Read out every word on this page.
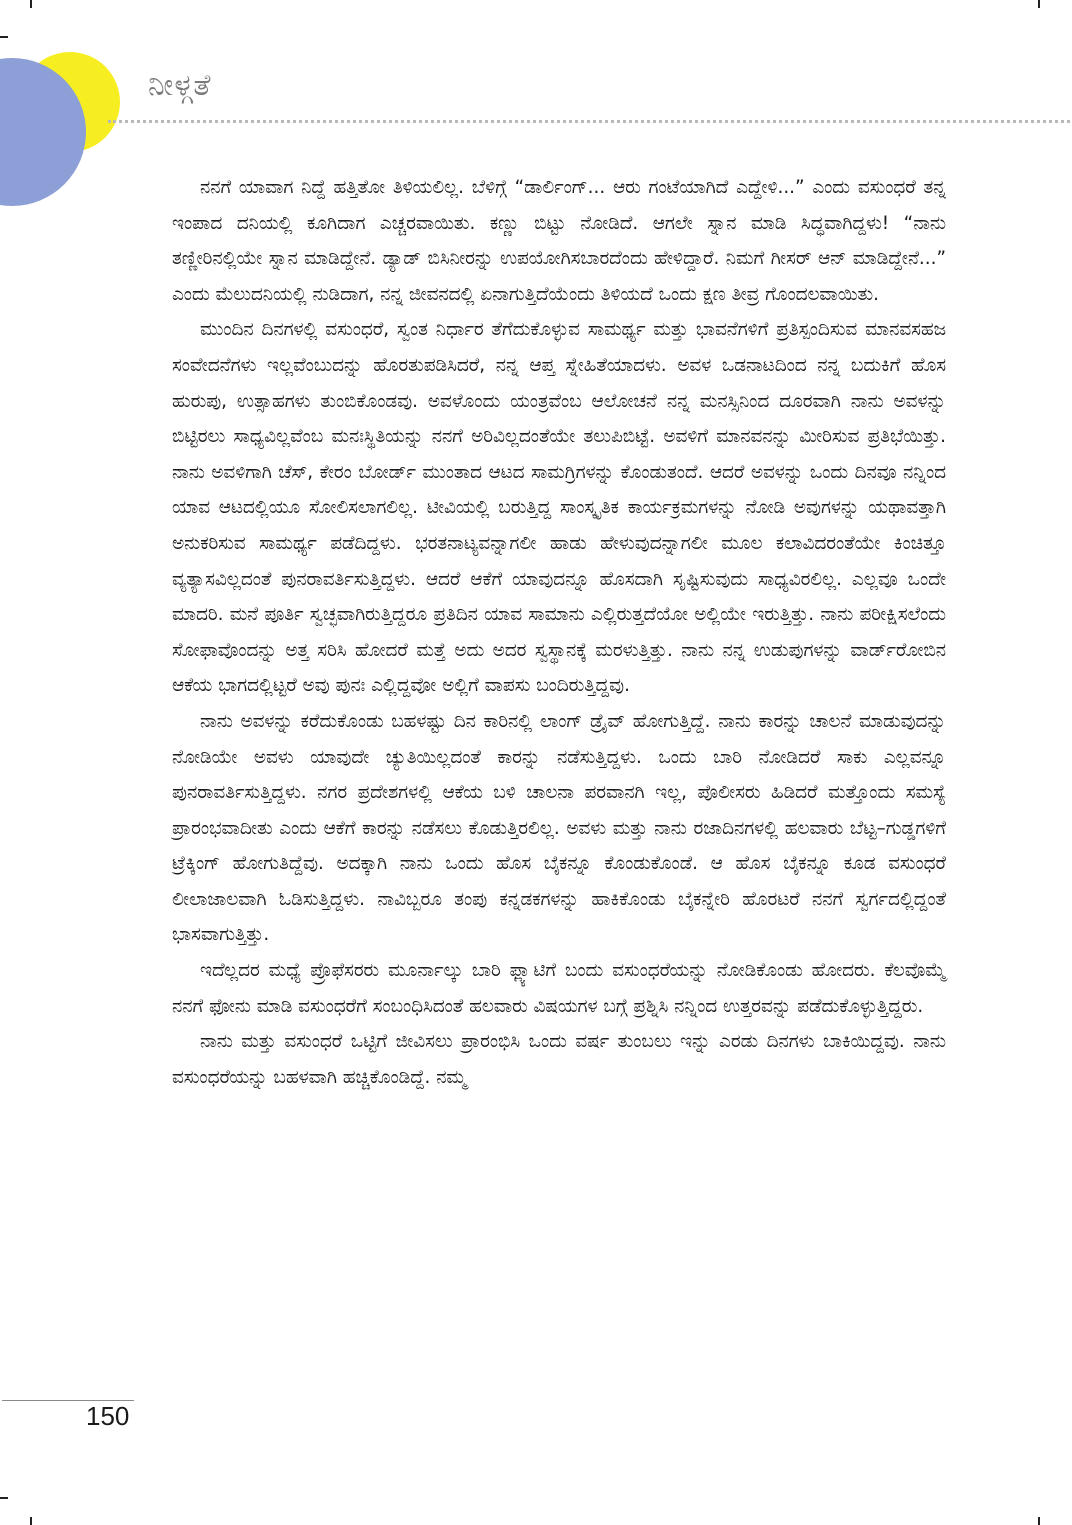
ನೀಳ್ಗತೆ

ನನಗೆ ಯಾವಾಗ ನಿದ್ದೆ ಹತ್ತಿತೋ ತಿಳಿಯಲಿಲ್ಲ. ಬೆಳಿಗ್ಗೆ “ಡಾರ್ಲಿಂಗ್... ಆರು ಗಂಟೆಯಾಗಿದೆ ಎದ್ದೇಳಿ...” ಎಂದು ವಸುಂಧರೆ ತನ್ನ ಇಂಪಾದ ದನಿಯಲ್ಲಿ ಕೂಗಿದಾಗ ಎಚ್ಚರವಾಯಿತು. ಕಣ್ಣು ಬಿಟ್ಟು ನೋಡಿದೆ. ಆಗಲೇ ಸ್ನಾನ ಮಾಡಿ ಸಿದ್ಧವಾಗಿದ್ದಳು! “ನಾನು ತಣ್ಣೀರಿನಲ್ಲಿಯೇ ಸ್ನಾನ ಮಾಡಿದ್ದೇನೆ. ಡ್ಯಾಡ್ ಬಿಸಿನೀರನ್ನು ಉಪಯೋಗಿಸಬಾರದೆಂದು ಹೇಳಿದ್ದಾರೆ. ನಿಮಗೆ ಗೀಸರ್ ಆನ್ ಮಾಡಿದ್ದೇನೆ...” ಎಂದು ಮೆಲುದನಿಯಲ್ಲಿ ನುಡಿದಾಗ, ನನ್ನ ಜೀವನದಲ್ಲಿ ಏನಾಗುತ್ತಿದೆಯೆಂದು ತಿಳಿಯದೆ ಒಂದು ಕ್ಷಣ ತೀವ್ರ ಗೊಂದಲವಾಯಿತು.

ಮುಂದಿನ ದಿನಗಳಲ್ಲಿ ವಸುಂಧರೆ, ಸ್ವಂತ ನಿರ್ಧಾರ ತೆಗೆದುಕೊಳ್ಳುವ ಸಾಮರ್ಥ್ಯ ಮತ್ತು ಭಾವನೆಗಳಿಗೆ ಪ್ರತಿಸ್ಪಂದಿಸುವ ಮಾನವಸಹಜ ಸಂವೇದನೆಗಳು ಇಲ್ಲವೆಂಬುದನ್ನು ಹೊರತುಪಡಿಸಿದರೆ, ನನ್ನ ಆಪ್ತ ಸ್ನೇಹಿತೆಯಾದಳು. ಅವಳ ಒಡನಾಟದಿಂದ ನನ್ನ ಬದುಕಿಗೆ ಹೊಸ ಹುರುಪು, ಉತ್ಸಾಹಗಳು ತುಂಬಿಕೊಂಡವು. ಅವಳೊಂದು ಯಂತ್ರವೆಂಬ ಆಲೋಚನೆ ನನ್ನ ಮನಸ್ಸಿನಿಂದ ದೂರವಾಗಿ ನಾನು ಅವಳನ್ನು ಬಿಟ್ಟಿರಲು ಸಾಧ್ಯವಿಲ್ಲವೆಂಬ ಮನಃಸ್ಥಿತಿಯನ್ನು ನನಗೆ ಅರಿವಿಲ್ಲದಂತೆಯೇ ತಲುಪಿಬಿಟ್ಟೆ. ಅವಳಿಗೆ ಮಾನವನನ್ನು ಮೀರಿಸುವ ಪ್ರತಿಭೆಯಿತ್ತು. ನಾನು ಅವಳಿಗಾಗಿ ಚೆಸ್, ಕೇರಂ ಬೋರ್ಡ್ ಮುಂತಾದ ಆಟದ ಸಾಮಗ್ರಿಗಳನ್ನು ಕೊಂಡುತಂದೆ. ಆದರೆ ಅವಳನ್ನು ಒಂದು ದಿನವೂ ನನ್ನಿಂದ ಯಾವ ಆಟದಲ್ಲಿಯೂ ಸೋಲಿಸಲಾಗಲಿಲ್ಲ. ಟೀವಿಯಲ್ಲಿ ಬರುತ್ತಿದ್ದ ಸಾಂಸ್ಕೃತಿಕ ಕಾರ್ಯಕ್ರಮಗಳನ್ನು ನೋಡಿ ಅವುಗಳನ್ನು ಯಥಾವತ್ತಾಗಿ ಅನುಕರಿಸುವ ಸಾಮರ್ಥ್ಯ ಪಡೆದಿದ್ದಳು. ಭರತನಾಟ್ಯವನ್ನಾಗಲೀ ಹಾಡು ಹೇಳುವುದನ್ನಾಗಲೀ ಮೂಲ ಕಲಾವಿದರಂತೆಯೇ ಕಿಂಚಿತ್ತೂ ವ್ಯತ್ಯಾಸವಿಲ್ಲದಂತೆ ಪುನರಾವರ್ತಿಸುತ್ತಿದ್ದಳು. ಆದರೆ ಆಕೆಗೆ ಯಾವುದನ್ನೂ ಹೊಸದಾಗಿ ಸೃಷ್ಟಿಸುವುದು ಸಾಧ್ಯವಿರಲಿಲ್ಲ. ಎಲ್ಲವೂ ಒಂದೇ ಮಾದರಿ. ಮನೆ ಪೂರ್ತಿ ಸ್ವಚ್ಛವಾಗಿರುತ್ತಿದ್ದರೂ ಪ್ರತಿದಿನ ಯಾವ ಸಾಮಾನು ಎಲ್ಲಿರುತ್ತದೆಯೋ ಅಲ್ಲಿಯೇ ಇರುತ್ತಿತ್ತು. ನಾನು ಪರೀಕ್ಷಿಸಲೆಂದು ಸೋಫಾವೊಂದನ್ನು ಅತ್ತ ಸರಿಸಿ ಹೋದರೆ ಮತ್ತೆ ಅದು ಅದರ ಸ್ವಸ್ಥಾನಕ್ಕೆ ಮರಳುತ್ತಿತ್ತು. ನಾನು ನನ್ನ ಉಡುಪುಗಳನ್ನು ವಾರ್ಡ್‌ರೋಬಿನ ಆಕೆಯ ಭಾಗದಲ್ಲಿಟ್ಟರೆ ಅವು ಪುನಃ ಎಲ್ಲಿದ್ದವೋ ಅಲ್ಲಿಗೆ ವಾಪಸು ಬಂದಿರುತ್ತಿದ್ದವು.

ನಾನು ಅವಳನ್ನು ಕರೆದುಕೊಂಡು ಬಹಳಷ್ಟು ದಿನ ಕಾರಿನಲ್ಲಿ ಲಾಂಗ್ ಡ್ರೈವ್ ಹೋಗುತ್ತಿದ್ದೆ. ನಾನು ಕಾರನ್ನು ಚಾಲನೆ ಮಾಡುವುದನ್ನು ನೋಡಿಯೇ ಅವಳು ಯಾವುದೇ ಚ್ಯುತಿಯಿಲ್ಲದಂತೆ ಕಾರನ್ನು ನಡೆಸುತ್ತಿದ್ದಳು. ಒಂದು ಬಾರಿ ನೋಡಿದರೆ ಸಾಕು ಎಲ್ಲವನ್ನೂ ಪುನರಾವರ್ತಿಸುತ್ತಿದ್ದಳು. ನಗರ ಪ್ರದೇಶಗಳಲ್ಲಿ ಆಕೆಯ ಬಳಿ ಚಾಲನಾ ಪರವಾನಗಿ ಇಲ್ಲ, ಪೊಲೀಸರು ಹಿಡಿದರೆ ಮತ್ತೊಂದು ಸಮಸ್ಯೆ ಪ್ರಾರಂಭವಾದೀತು ಎಂದು ಆಕೆಗೆ ಕಾರನ್ನು ನಡೆಸಲು ಕೊಡುತ್ತಿರಲಿಲ್ಲ. ಅವಳು ಮತ್ತು ನಾನು ರಜಾದಿನಗಳಲ್ಲಿ ಹಲವಾರು ಬೆಟ್ಟ–ಗುಡ್ಡಗಳಿಗೆ ಟ್ರೆಕ್ಕಿಂಗ್ ಹೋಗುತಿದ್ದೆವು. ಅದಕ್ಕಾಗಿ ನಾನು ಒಂದು ಹೊಸ ಬೈಕನ್ನೂ ಕೊಂಡುಕೊಂಡೆ. ಆ ಹೊಸ ಬೈಕನ್ನೂ ಕೂಡ ವಸುಂಧರೆ ಲೀಲಾಜಾಲವಾಗಿ ಓಡಿಸುತ್ತಿದ್ದಳು. ನಾವಿಬ್ಬರೂ ತಂಪು ಕನ್ನಡಕಗಳನ್ನು ಹಾಕಿಕೊಂಡು ಬೈಕನ್ನೇರಿ ಹೊರಟರೆ ನನಗೆ ಸ್ವರ್ಗದಲ್ಲಿದ್ದಂತೆ ಭಾಸವಾಗುತ್ತಿತ್ತು.

ಇದೆಲ್ಲದರ ಮಧ್ಯೆ ಪ್ರೊಫೆಸರರು ಮೂರ್ನಾಲ್ಕು ಬಾರಿ ಫ್ಲ್ಯಾಟಿಗೆ ಬಂದು ವಸುಂಧರೆಯನ್ನು ನೋಡಿಕೊಂಡು ಹೋದರು. ಕೆಲವೊಮ್ಮೆ ನನಗೆ ಫೋನು ಮಾಡಿ ವಸುಂಧರೆಗೆ ಸಂಬಂಧಿಸಿದಂತೆ ಹಲವಾರು ವಿಷಯಗಳ ಬಗ್ಗೆ ಪ್ರಶ್ನಿಸಿ ನನ್ನಿಂದ ಉತ್ತರವನ್ನು ಪಡೆದುಕೊಳ್ಳುತ್ತಿದ್ದರು.

ನಾನು ಮತ್ತು ವಸುಂಧರೆ ಒಟ್ಟಿಗೆ ಜೀವಿಸಲು ಪ್ರಾರಂಭಿಸಿ ಒಂದು ವರ್ಷ ತುಂಬಲು ಇನ್ನು ಎರಡು ದಿನಗಳು ಬಾಕಿಯಿದ್ದವು. ನಾನು ವಸುಂಧರೆಯನ್ನು ಬಹಳವಾಗಿ ಹಚ್ಚಿಕೊಂಡಿದ್ದೆ. ನಮ್ಮ

150
